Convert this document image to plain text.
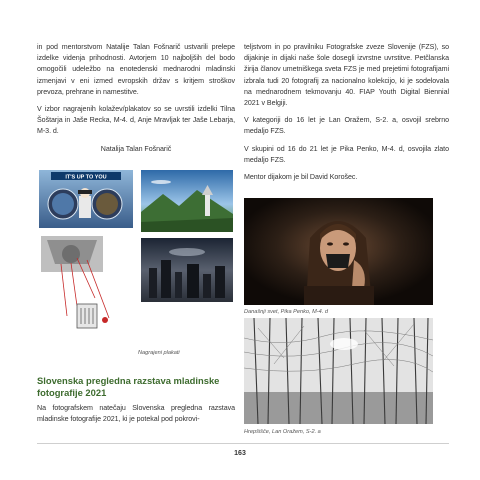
in pod mentorstvom Natalije Talan Fošnarič ustvarili prelepe izdelke videnja prihodnosti. Avtorjem 10 najboljših del bodo omogočili udeležbo na enotedenski mednarodni mladinski izmenjavi v eni izmed evropskih držav s kritjem stroškov prevoza, prehrane in namestitve.

V izbor nagrajenih kolažev/plakatov so se uvrstili izdelki Tilna Šoštarja in Jaše Recka, M-4. d, Anje Mravljak ter Jaše Lebarja, M-3. d.

Natalija Talan Fošnarič

IT'S UP TO YOU
Nagrajeni plakati
Slovenska pregledna razstava mladinske fotografije 2021

Na fotografskem natečaju Slovenska pregledna razstava mladinske fotografije 2021, ki je potekal pod pokrovi-

teljstvom in po pravilniku Fotografske zveze Slovenije (FZS), so dijakinje in dijaki naše šole dosegli izvrstne uvrstitve. Petčlanska žirija članov umetniškega sveta FZS je med prejetimi fotografijami izbrala tudi 20 fotografij za nacionalno kolekcijo, ki je sodelovala na mednarodnem tekmovanju 40. FIAP Youth Digital Biennial 2021 v Belgiji.

V kategoriji do 16 let je Lan Oražem, S-2. a, osvojil srebrno medaljo FZS.

V skupini od 16 do 21 let je Pika Penko, M-4. d, osvojila zlato medaljo FZS.

Mentor dijakom je bil David Korošec.

Današnji svet, Pika Penko, M-4. d
Hrepšišče, Lan Oražem, S-2. a
163
